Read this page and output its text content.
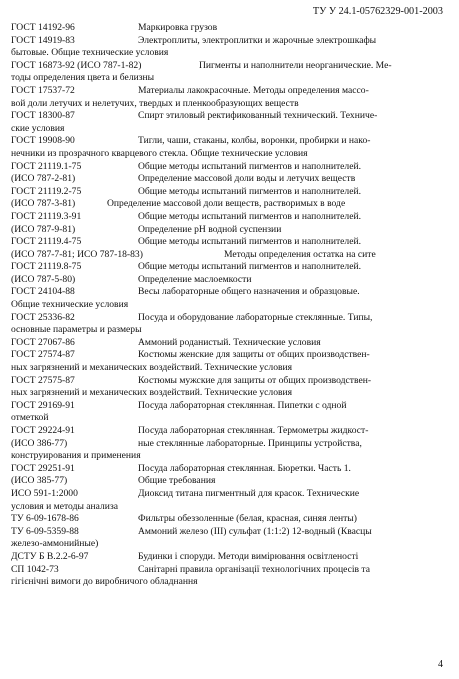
ТУ У 24.1-05762329-001-2003
ГОСТ 14192-96	Маркировка грузов
ГОСТ 14919-83	Электроплиты, электроплитки и жарочные электрошкафы
бытовые. Общие технические условия
ГОСТ 16873-92 (ИСО 787-1-82)	Пигменты и наполнители неорганические. Ме-
тоды определения цвета и белизны
ГОСТ 17537-72	Материалы лакокрасочные. Методы определения массо-
вой доли летучих и нелетучих, твердых и пленкообразующих веществ
ГОСТ 18300-87	Спирт этиловый ректификованный технический. Техниче-
ские условия
ГОСТ 19908-90	Тигли, чаши, стаканы, колбы, воронки, пробирки и нако-
нечники из прозрачного кварцевого стекла. Общие технические условия
ГОСТ 21119.1-75	Общие методы испытаний пигментов и наполнителей.
(ИСО 787-2-81)	Определение массовой доли воды и летучих веществ
ГОСТ 21119.2-75	Общие методы испытаний пигментов и наполнителей.
(ИСО 787-3-81)	Определение массовой доли веществ, растворимых в воде
ГОСТ 21119.3-91	Общие методы испытаний пигментов и наполнителей.
(ИСО 787-9-81)	Определение pH водной суспензии
ГОСТ 21119.4-75	Общие методы испытаний пигментов и наполнителей.
(ИСО 787-7-81; ИСО 787-18-83)	Методы определения остатка на сите
ГОСТ 21119.8-75	Общие методы испытаний пигментов и наполнителей.
(ИСО 787-5-80)	Определение маслоемкости
ГОСТ 24104-88	Весы лабораторные общего назначения и образцовые.
Общие технические условия
ГОСТ 25336-82	Посуда и оборудование лабораторные стеклянные. Типы,
основные параметры и размеры
ГОСТ 27067-86	Аммоний роданистый. Технические условия
ГОСТ 27574-87	Костюмы женские для защиты от общих производствен-
ных загрязнений и механических воздействий. Технические условия
ГОСТ 27575-87	Костюмы мужские для защиты от общих производствен-
ных загрязнений и механических воздействий. Технические условия
ГОСТ 29169-91	Посуда лабораторная стеклянная. Пипетки с одной
отметкой
ГОСТ 29224-91	Посуда лабораторная стеклянная. Термометры жидкост-
(ИСО 386-77)	ные стеклянные лабораторные. Принципы устройства,
конструирования и применения
ГОСТ 29251-91	Посуда лабораторная стеклянная. Бюретки. Часть 1.
(ИСО 385-77)	Общие требования
ИСО 591-1:2000	Диоксид титана пигментный для красок. Технические
условия и методы анализа
ТУ 6-09-1678-86	Фильтры обеззоленные (белая, красная, синяя ленты)
ТУ 6-09-5359-88	Аммоний железо (III) сульфат (1:1:2) 12-водный (Квасцы
железо-аммонийные)
ДСТУ Б В.2.2-6-97	Будинки і споруди. Методи вимірювання освітленості
СП 1042-73	Санітарні правила організації технологічних процесів та
гігієнічні вимоги до виробничого обладнання
4
